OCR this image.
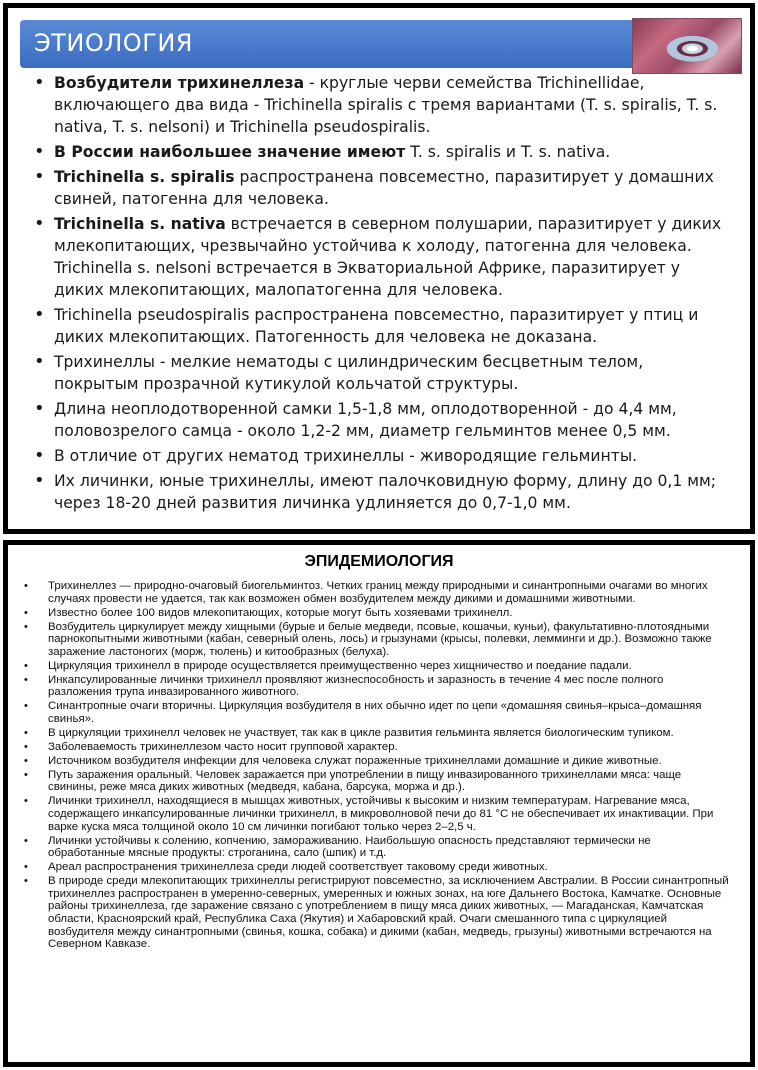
ЭТИОЛОГИЯ
• Возбудители трихинеллеза - круглые черви семейства Trichinellidae, включающего два вида - Trichinella spiralis с тремя вариантами (T. s. spiralis, T. s. nativa, T. s. nelsoni) и Trichinella pseudospiralis.
• В России наибольшее значение имеют T. s. spiralis и T. s. nativa.
• Trichinella s. spiralis распространена повсеместно, паразитирует у домашних свиней, патогенна для человека.
• Trichinella s. nativa встречается в северном полушарии, паразитирует у диких млекопитающих, чрезвычайно устойчива к холоду, патогенна для человека. Trichinella s. nelsoni встречается в Экваториальной Африке, паразитирует у диких млекопитающих, малопатогенна для человека.
• Trichinella pseudospiralis распространена повсеместно, паразитирует у птиц и диких млекопитающих. Патогенность для человека не доказана.
• Трихинеллы - мелкие нематоды с цилиндрическим бесцветным телом, покрытым прозрачной кутикулой кольчатой структуры.
• Длина неоплодотворенной самки 1,5-1,8 мм, оплодотворенной - до 4,4 мм, половозрелого самца - около 1,2-2 мм, диаметр гельминтов менее 0,5 мм.
• В отличие от других нематод трихинеллы - живородящие гельминты.
• Их личинки, юные трихинеллы, имеют палочковидную форму, длину до 0,1 мм; через 18-20 дней развития личинка удлиняется до 0,7-1,0 мм.
ЭПИДЕМИОЛОГИЯ
• Трихинеллез — природно-очаговый биогельминтоз. Четких границ между природными и синантропными очагами во многих случаях провести не удается, так как возможен обмен возбудителем между дикими и домашними животными.
• Известно более 100 видов млекопитающих, которые могут быть хозяевами трихинелл.
• Возбудитель циркулирует между хищными (бурые и белые медведи, псовые, кошачьи, куньи), факультативно-плотоядными парнокопытными животными (кабан, северный олень, лось) и грызунами (крысы, полевки, лемминги и др.). Возможно также заражение ластоногих (морж, тюлень) и китообразных (белуха).
• Циркуляция трихинелл в природе осуществляется преимущественно через хищничество и поедание падали.
• Инкапсулированные личинки трихинелл проявляют жизнеспособность и заразность в течение 4 мес после полного разложения трупа инвазированного животного.
• Синантропные очаги вторичны. Циркуляция возбудителя в них обычно идет по цепи «домашняя свинья–крыса–домашняя свинья».
• В циркуляции трихинелл человек не участвует, так как в цикле развития гельминта является биологическим тупиком.
• Заболеваемость трихинеллезом часто носит групповой характер.
• Источником возбудителя инфекции для человека служат пораженные трихинеллами домашние и дикие животные.
• Путь заражения оральный. Человек заражается при употреблении в пищу инвазированного трихинеллами мяса: чаще свинины, реже мяса диких животных (медведя, кабана, барсука, моржа и др.).
• Личинки трихинелл, находящиеся в мышцах животных, устойчивы к высоким и низким температурам. Нагревание мяса, содержащего инкапсулированные личинки трихинелл, в микроволновой печи до 81 °С не обеспечивает их инактивации. При варке куска мяса толщиной около 10 см личинки погибают только через 2–2,5 ч.
• Личинки устойчивы к солению, копчению, замораживанию. Наибольшую опасность представляют термически не обработанные мясные продукты: строганина, сало (шпик) и т.д.
• Ареал распространения трихинеллеза среди людей соответствует таковому среди животных.
• В природе среди млекопитающих трихинеллы регистрируют повсеместно, за исключением Австралии. В России синантропный трихинеллез распространен в умеренно-северных, умеренных и южных зонах, на юге Дальнего Востока, Камчатке. Основные районы трихинеллеза, где заражение связано с употреблением в пищу мяса диких животных, — Магаданская, Камчатская области, Красноярский край, Республика Саха (Якутия) и Хабаровский край. Очаги смешанного типа с циркуляцией возбудителя между синантропными (свинья, кошка, собака) и дикими (кабан, медведь, грызуны) животными встречаются на Северном Кавказе.
